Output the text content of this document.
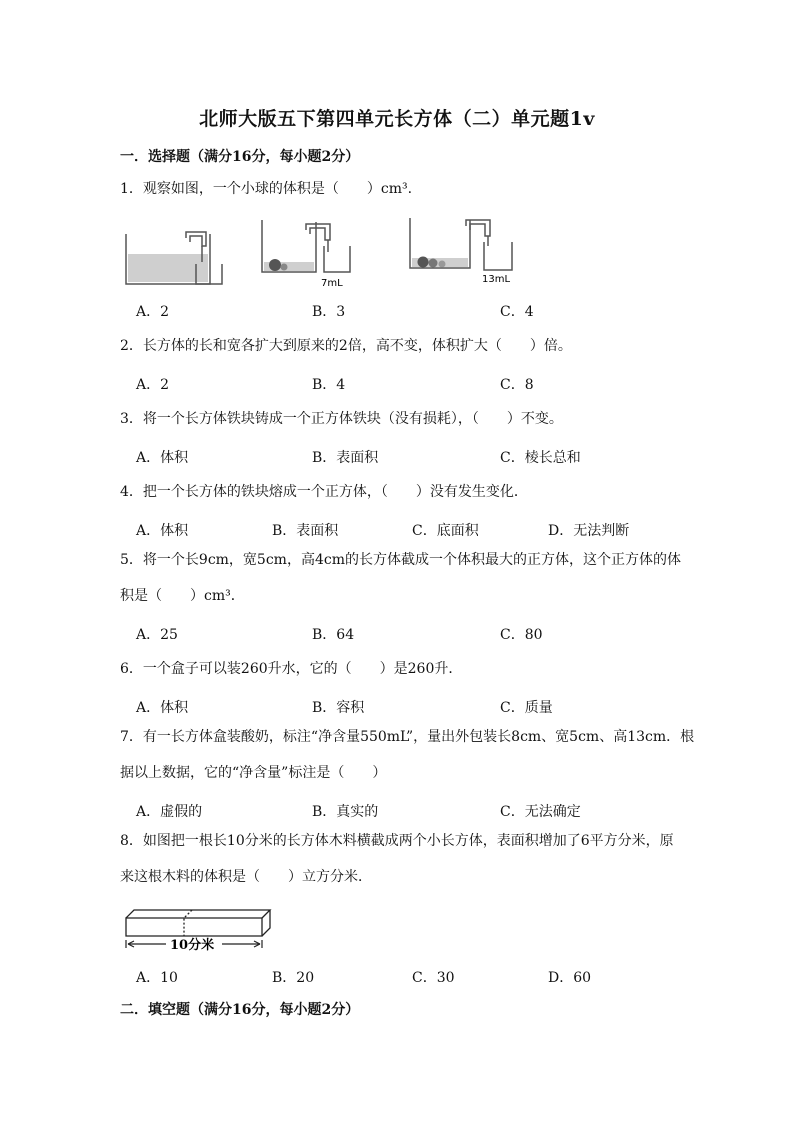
北师大版五下第四单元长方体（二）单元题1v
一．选择题（满分16分，每小题2分）
1．观察如图，一个小球的体积是（　　）cm³.
7mL	13mL
A．2	B．3	C．4
2．长方体的长和宽各扩大到原来的2倍，高不变，体积扩大（　　）倍。
A．2	B．4	C．8
3．将一个长方体铁块铸成一个正方体铁块（没有损耗），（　　）不变。
A．体积	B．表面积	C．棱长总和
4．把一个长方体的铁块熔成一个正方体，（　　）没有发生变化．
A．体积	B．表面积	C．底面积	D．无法判断
5．将一个长9cm，宽5cm，高4cm的长方体截成一个体积最大的正方体，这个正方体的体
积是（　　）cm³．
A．25	B．64	C．80
6．一个盒子可以装260升水，它的（　　）是260升．
A．体积	B．容积	C．质量
7．有一长方体盒装酸奶，标注“净含量550mL”，量出外包装长8cm、宽5cm、高13cm．根
据以上数据，它的“净含量”标注是（　　）
A．虚假的	B．真实的	C．无法确定
8．如图把一根长10分米的长方体木料横截成两个小长方体，表面积增加了6平方分米，原
来这根木料的体积是（　　）立方分米．
10分米
A．10	B．20	C．30	D．60
二．填空题（满分16分，每小题2分）
